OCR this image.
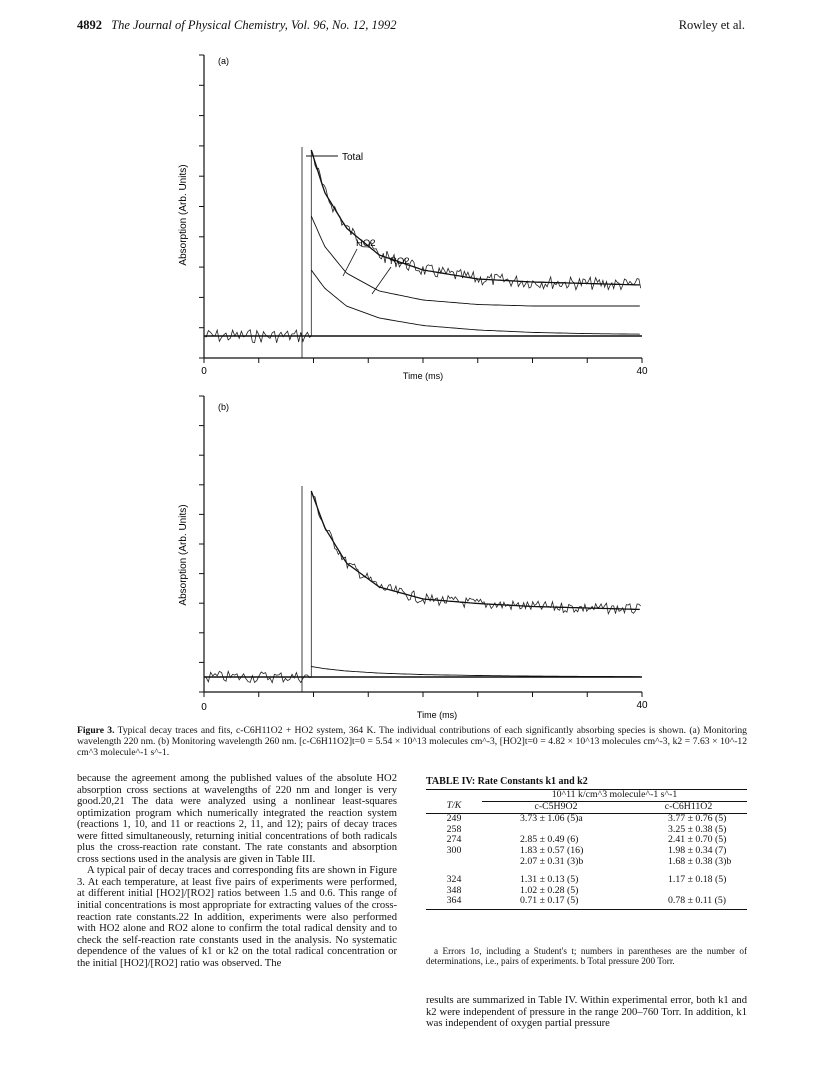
4892 The Journal of Physical Chemistry, Vol. 96, No. 12, 1992	Rowley et al.
(a)
Absorption (Arb. Units)
0	40
Time (ms)
Total
HO2
RO2
(b)
Absorption (Arb. Units)
0	40
Time (ms)
Figure 3. Typical decay traces and fits, c-C6H11O2 + HO2 system, 364 K. The individual contributions of each significantly absorbing species is shown. (a) Monitoring wavelength 220 nm. (b) Monitoring wavelength 260 nm. [c-C6H11O2]t=0 = 5.54 × 10^13 molecules cm^-3, [HO2]t=0 = 4.82 × 10^13 molecules cm^-3, k2 = 7.63 × 10^-12 cm^3 molecule^-1 s^-1.

because the agreement among the published values of the absolute HO2 absorption cross sections at wavelengths of 220 nm and longer is very good.20,21 The data were analyzed using a nonlinear least-squares optimization program which numerically integrated the reaction system (reactions 1, 10, and 11 or reactions 2, 11, and 12); pairs of decay traces were fitted simultaneously, returning initial concentrations of both radicals plus the cross-reaction rate constant. The rate constants and absorption cross sections used in the analysis are given in Table III.

A typical pair of decay traces and corresponding fits are shown in Figure 3. At each temperature, at least five pairs of experiments were performed, at different initial [HO2]/[RO2] ratios between 1.5 and 0.6. This range of initial concentrations is most appropriate for extracting values of the cross-reaction rate constants.22 In addition, experiments were also performed with HO2 alone and RO2 alone to confirm the total radical density and to check the self-reaction rate constants used in the analysis. No systematic dependence of the values of k1 or k2 on the total radical concentration or the initial [HO2]/[RO2] ratio was observed. The

TABLE IV: Rate Constants k1 and k2

	10^11 k/cm^3 molecule^-1 s^-1	
T/K	c-C5H9O2	c-C6H11O2
249	3.73 ± 1.06 (5)a	3.77 ± 0.76 (5)
258		3.25 ± 0.38 (5)
274	2.85 ± 0.49 (6)	2.41 ± 0.70 (5)
300	1.83 ± 0.57 (16)	1.98 ± 0.34 (7)
	2.07 ± 0.31 (3)b	1.68 ± 0.38 (3)b
324	1.31 ± 0.13 (5)	1.17 ± 0.18 (5)
348	1.02 ± 0.28 (5)	
364	0.71 ± 0.17 (5)	0.78 ± 0.11 (5)
a Errors 1σ, including a Student's t; numbers in parentheses are the number of determinations, i.e., pairs of experiments. b Total pressure 200 Torr.

results are summarized in Table IV. Within experimental error, both k1 and k2 were independent of pressure in the range 200–760 Torr. In addition, k1 was independent of oxygen partial pressure
